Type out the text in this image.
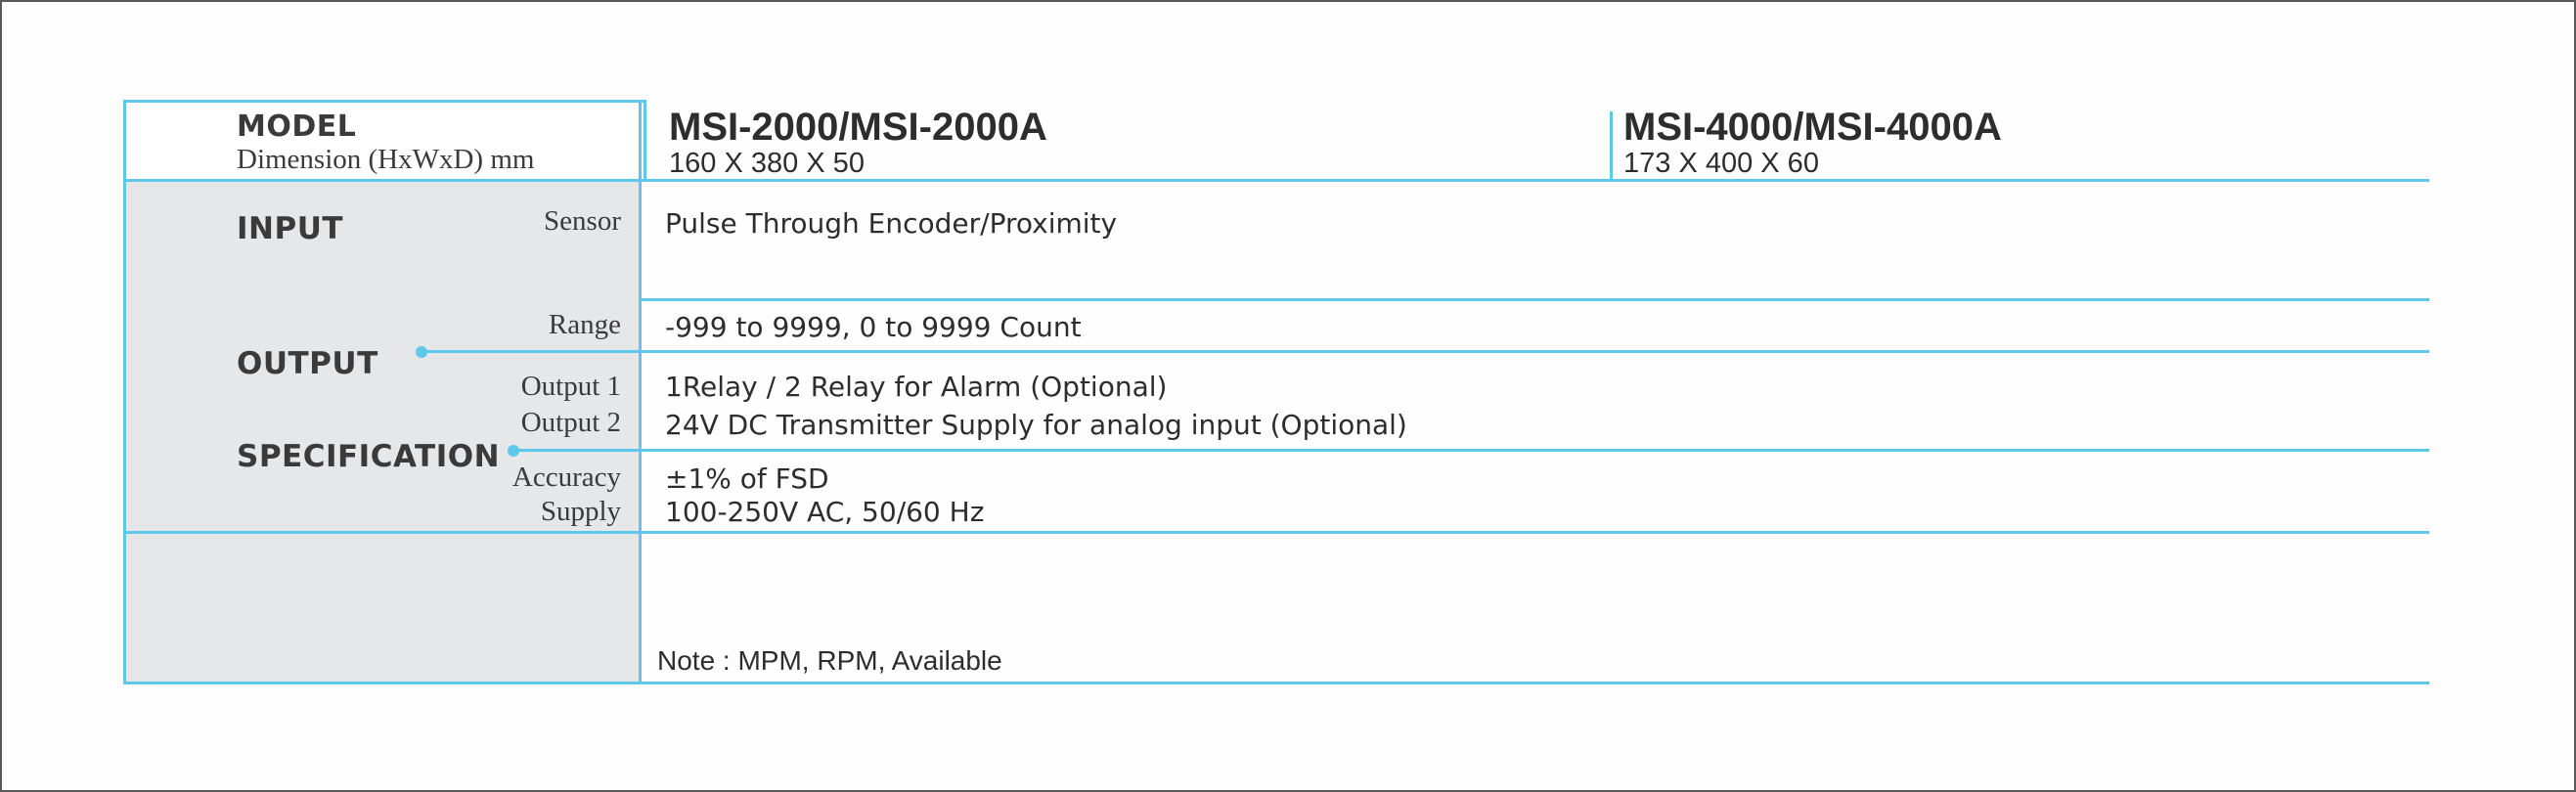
MODEL
Dimension (HxWxD) mm
MSI-2000/MSI-2000A
160 X 380 X 50
MSI-4000/MSI-4000A
173 X 400 X 60
INPUT
OUTPUT
SPECIFICATION
Sensor
Range
Output 1
Output 2
Accuracy
Supply
Pulse Through Encoder/Proximity
-999 to 9999, 0 to 9999 Count
1Relay / 2 Relay for Alarm (Optional)
24V DC Transmitter Supply for analog input (Optional)
±1% of FSD
100-250V AC, 50/60 Hz
Note : MPM, RPM, Available
